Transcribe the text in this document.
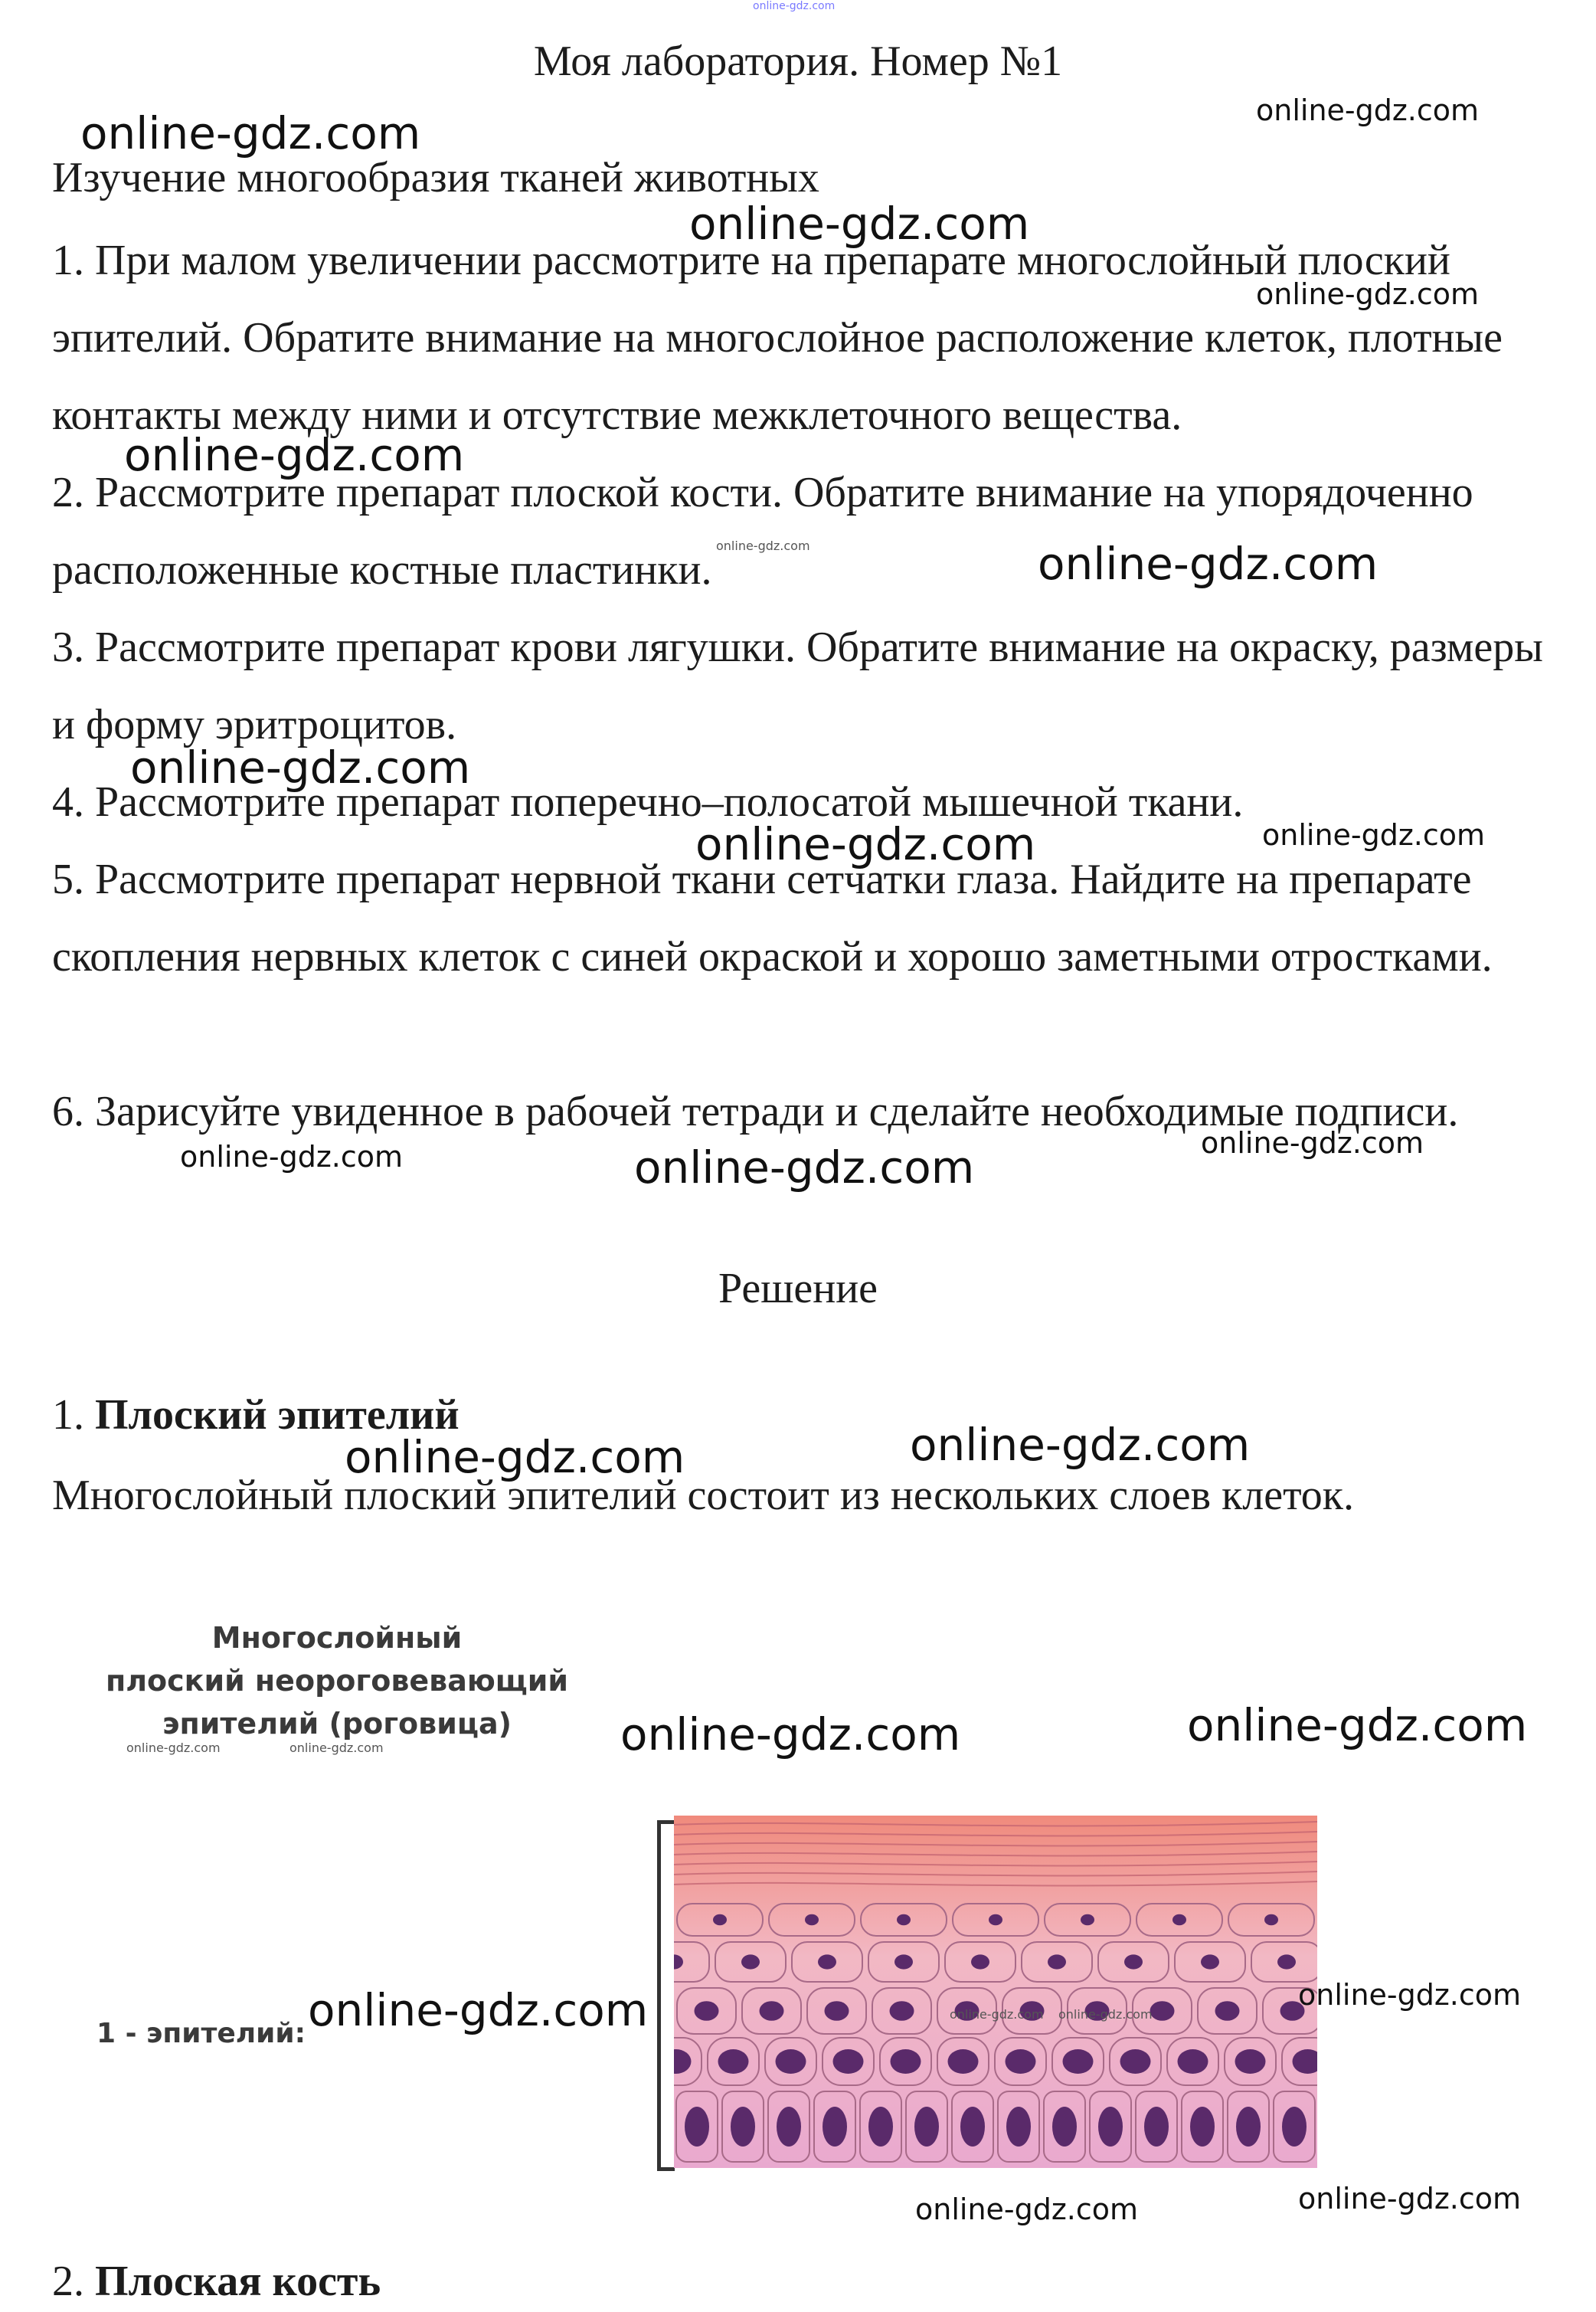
online-gdz.com
Моя лаборатория. Номер №1
Изучение многообразия тканей животных
1. При малом увеличении рассмотрите на препарате многослойный плоский эпителий. Обратите внимание на многослойное расположение клеток, плотные контакты между ними и отсутствие межклеточного вещества.
2. Рассмотрите препарат плоской кости. Обратите внимание на упорядоченно расположенные костные пластинки.
3. Рассмотрите препарат крови лягушки. Обратите внимание на окраску, размеры и форму эритроцитов.
4. Рассмотрите препарат поперечно–полосатой мышечной ткани.
5. Рассмотрите препарат нервной ткани сетчатки глаза. Найдите на препарате скопления нервных клеток с синей окраской и хорошо заметными отростками.
6. Зарисуйте увиденное в рабочей тетради и сделайте необходимые подписи.
Решение
1. Плоский эпителий
Многослойный плоский эпителий состоит из нескольких слоев клеток.
Многослойный
плоский неороговевающий
эпителий (роговица)
1 - эпителий:
2. Плоская кость
online-gdz.com	online-gdz.com
online-gdz.com
online-gdz.com
online-gdz.com
online-gdz.com	online-gdz.com
online-gdz.com
online-gdz.com	online-gdz.com
online-gdz.com
online-gdz.com	online-gdz.com
online-gdz.com
online-gdz.com
online-gdz.com	online-gdz.com
online-gdz.com	online-gdz.com
online-gdz.com	online-gdz.com
online-gdz.com online-gdz.com
online-gdz.com	online-gdz.com
